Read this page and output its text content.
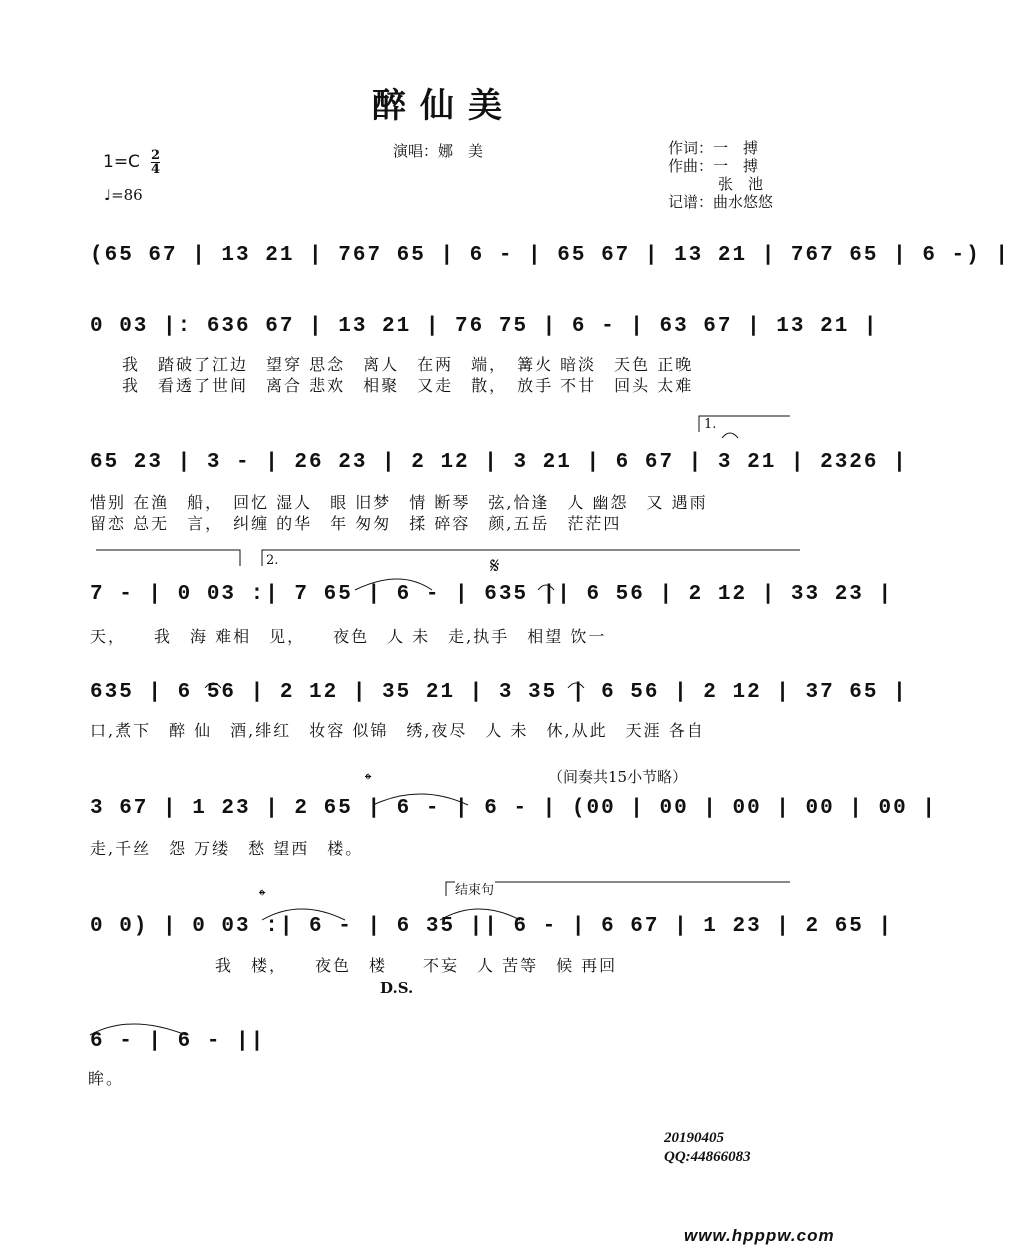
醉仙美
演唱：娜　美	作词：一　搏
作曲：一　搏
张　池
记谱：曲水悠悠
$1=C \frac{2}{4}$
♩=86
(65 67 | 13 21 | 767 65 | 6 - | 65 67 | 13 21 | 767 65 | 6 -) |
0 03 |: 636 67 | 13 21 | 76 75 | 6 - | 63 67 | 13 21 |
我　踏破了江边　望穿 思念　离人　在两　端，　篝火 暗淡　天色 正晚
我　看透了世间　离合 悲欢　相聚　又走　散，　放手 不甘　回头 太难
65 23 | 3 - | 26 23 | 2 12 | 3 21 | 6 67 | 3 21 | 2326 |
惜别 在渔　船，　回忆 湿人　眼 旧梦　情 断琴　弦,恰逢　人 幽怨　又 遇雨
留恋 总无　言，　纠缠 的华　年 匆匆　揉 碎容　颜,五岳　茫茫四
1.
7 - | 0 03 :| 7 65 | 6 - | 635 || 6 56 | 2 12 | 33 23 |
天，　　我　海 难相　见，　　夜色　人 未　走,执手　相望 饮一
2.	𝄋
635 | 6 56 | 2 12 | 35 21 | 3 35 | 6 56 | 2 12 | 37 65 |
口,煮下　醉 仙　酒,绯红　妆容 似锦　绣,夜尽　人 未　休,从此　天涯 各自
3 67 | 1 23 | 2 65 | 6 - | 6 - | (00 | 00 | 00 | 00 | 00 |
走,千丝　怨 万缕　愁 望西　楼。
（间奏共15小节略）
𝄌
0 0) | 0 03 :| 6 - | 6 35 || 6 - | 6 67 | 1 23 | 2 65 |
我　楼，　　夜色　楼　　不妄　人 苦等　候 再回
结束句
𝄌
D.S.
6 - | 6 - ||
眸。
20190405
QQ:44866083
www.hpppw.com
